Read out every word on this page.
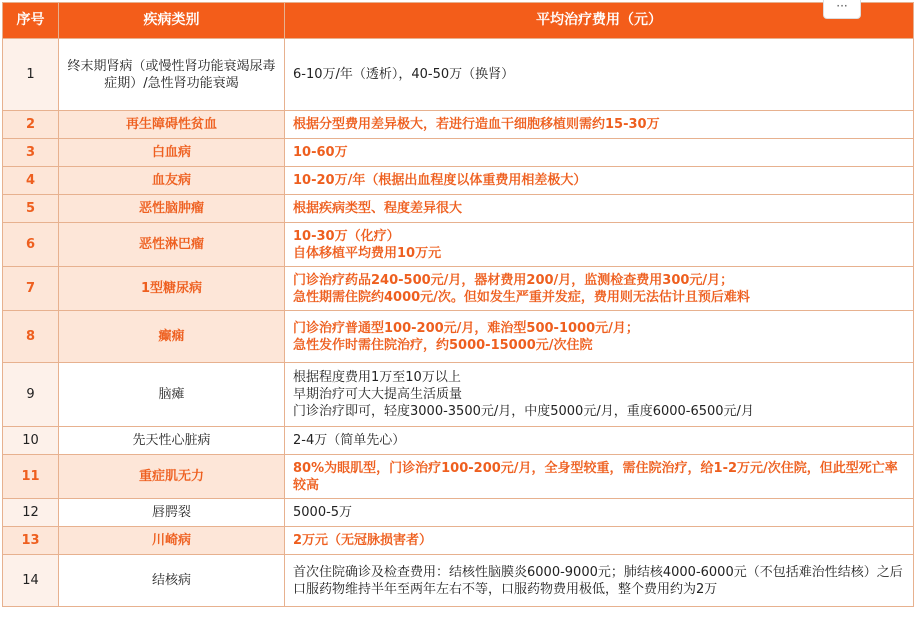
序号	疾病类别	平均治疗费用（元）
1	终末期肾病（或慢性肾功能衰竭尿毒症期）/急性肾功能衰竭	6-10万/年（透析），40-50万（换肾）

2	再生障碍性贫血	根据分型费用差异极大，若进行造血干细胞移植则需约15-30万

3	白血病	10-60万

4	血友病	10-20万/年（根据出血程度以体重费用相差极大）

5	恶性脑肿瘤	根据疾病类型、程度差异很大

6	恶性淋巴瘤	10-30万（化疗）
自体移植平均费用10万元

7	1型糖尿病	门诊治疗药品240-500元/月，器材费用200/月，监测检查费用300元/月；
急性期需住院约4000元/次。但如发生严重并发症，费用则无法估计且预后难料

8	癫痫	门诊治疗普通型100-200元/月，难治型500-1000元/月；
急性发作时需住院治疗，约5000-15000元/次住院

9	脑瘫	根据程度费用1万至10万以上
早期治疗可大大提高生活质量
门诊治疗即可，轻度3000-3500元/月，中度5000元/月，重度6000-6500元/月

10	先天性心脏病	2-4万（简单先心）

11	重症肌无力	80%为眼肌型，门诊治疗100-200元/月，全身型较重，需住院治疗，给1-2万元/次住院，但此型死亡率较高

12	唇腭裂	5000-5万

13	川崎病	2万元（无冠脉损害者）

14	结核病	首次住院确诊及检查费用：结核性脑膜炎6000-9000元；肺结核4000-6000元（不包括难治性结核）之后口服药物维持半年至两年左右不等，口服药物费用极低，整个费用约为2万
···
